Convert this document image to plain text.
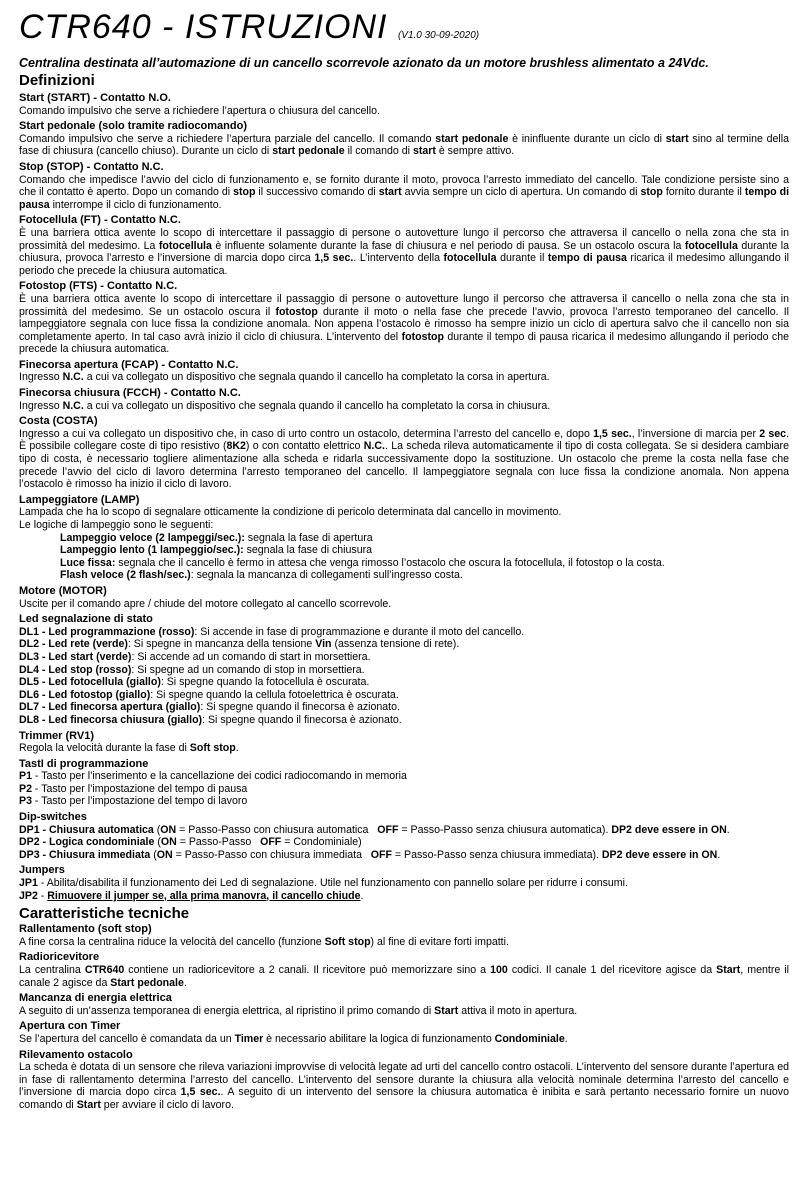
CTR640 - ISTRUZIONI (V1.0 30-09-2020)
Centralina destinata all’automazione di un cancello scorrevole azionato da un motore brushless alimentato a 24Vdc.
Definizioni
Start (START) - Contatto N.O.

Comando impulsivo che serve a richiedere l’apertura o chiusura del cancello.

Start pedonale (solo tramite radiocomando)

Comando impulsivo che serve a richiedere l’apertura parziale del cancello. Il comando start pedonale è ininfluente durante un ciclo di start sino al termine della fase di chiusura (cancello chiuso). Durante un ciclo di start pedonale il comando di start è sempre attivo.

Stop (STOP) - Contatto N.C.

Comando che impedisce l’avvio del ciclo di funzionamento e, se fornito durante il moto, provoca l’arresto immediato del cancello. Tale condizione persiste sino a che il contatto è aperto. Dopo un comando di stop il successivo comando di start avvia sempre un ciclo di apertura. Un comando di stop fornito durante il tempo di pausa interrompe il ciclo di funzionamento.

Fotocellula (FT) - Contatto N.C.

È una barriera ottica avente lo scopo di intercettare il passaggio di persone o autovetture lungo il percorso che attraversa il cancello o nella zona che sta in prossimità del medesimo. La fotocellula è influente solamente durante la fase di chiusura e nel periodo di pausa. Se un ostacolo oscura la fotocellula durante la chiusura, provoca l’arresto e l’inversione di marcia dopo circa 1,5 sec.. L’intervento della fotocellula durante il tempo di pausa ricarica il medesimo allungando il periodo che precede la chiusura automatica.

Fotostop (FTS) - Contatto N.C.

È una barriera ottica avente lo scopo di intercettare il passaggio di persone o autovetture lungo il percorso che attraversa il cancello o nella zona che sta in prossimità del medesimo. Se un ostacolo oscura il fotostop durante il moto o nella fase che precede l’avvio, provoca l’arresto temporaneo del cancello. Il lampeggiatore segnala con luce fissa la condizione anomala. Non appena l’ostacolo è rimosso ha sempre inizio un ciclo di apertura salvo che il cancello non sia completamente aperto. In tal caso avrà inizio il ciclo di chiusura. L’intervento del fotostop durante il tempo di pausa ricarica il medesimo allungando il periodo che precede la chiusura automatica.

Finecorsa apertura (FCAP) - Contatto N.C.

Ingresso N.C. a cui va collegato un dispositivo che segnala quando il cancello ha completato la corsa in apertura.

Finecorsa chiusura (FCCH) - Contatto N.C.

Ingresso N.C. a cui va collegato un dispositivo che segnala quando il cancello ha completato la corsa in chiusura.

Costa (COSTA)

Ingresso a cui va collegato un dispositivo che, in caso di urto contro un ostacolo, determina l’arresto del cancello e, dopo 1,5 sec., l’inversione di marcia per 2 sec. È possibile collegare coste di tipo resistivo (8K2) o con contatto elettrico N.C.. La scheda rileva automaticamente il tipo di costa collegata. Se si desidera cambiare tipo di costa, è necessario togliere alimentazione alla scheda e ridarla successivamente dopo la sostituzione. Un ostacolo che preme la costa nella fase che precede l’avvio del ciclo di lavoro determina l’arresto temporaneo del cancello. Il lampeggiatore segnala con luce fissa la condizione anomala. Non appena l’ostacolo è rimosso ha inizio il ciclo di lavoro.

Lampeggiatore (LAMP)

Lampada che ha lo scopo di segnalare otticamente la condizione di pericolo determinata dal cancello in movimento.

Le logiche di lampeggio sono le seguenti:

Lampeggio veloce (2 lampeggi/sec.): segnala la fase di apertura
Lampeggio lento (1 lampeggio/sec.): segnala la fase di chiusura
Luce fissa: segnala che il cancello è fermo in attesa che venga rimosso l’ostacolo che oscura la fotocellula, il fotostop o la costa.
Flash veloce (2 flash/sec.): segnala la mancanza di collegamenti sull’ingresso costa.
Motore (MOTOR)

Uscite per il comando apre / chiude del motore collegato al cancello scorrevole.

Led segnalazione di stato
DL1 - Led programmazione (rosso): Si accende in fase di programmazione e durante il moto del cancello.
DL2 - Led rete (verde): Si spegne in mancanza della tensione Vin (assenza tensione di rete).
DL3 - Led start (verde): Si accende ad un comando di start in morsettiera.
DL4 - Led stop (rosso): Si spegne ad un comando di stop in morsettiera.
DL5 - Led fotocellula (giallo): Si spegne quando la fotocellula è oscurata.
DL6 - Led fotostop (giallo): Si spegne quando la cellula fotoelettrica è oscurata.
DL7 - Led finecorsa apertura (giallo): Si spegne quando il finecorsa è azionato.
DL8 - Led finecorsa chiusura (giallo): Si spegne quando il finecorsa è azionato.
Trimmer (RV1)

Regola la velocità durante la fase di Soft stop.

TastI di programmazione
P1 - Tasto per l’inserimento e la cancellazione dei codici radiocomando in memoria
P2 - Tasto per l’impostazione del tempo di pausa
P3 - Tasto per l’impostazione del tempo di lavoro
Dip-switches
DP1 - Chiusura automatica (ON = Passo-Passo con chiusura automatica   OFF = Passo-Passo senza chiusura automatica). DP2 deve essere in ON.
DP2 - Logica condominiale (ON = Passo-Passo   OFF = Condominiale)
DP3 - Chiusura immediata (ON = Passo-Passo con chiusura immediata   OFF = Passo-Passo senza chiusura immediata). DP2 deve essere in ON.
Jumpers
JP1 - Abilita/disabilita il funzionamento dei Led di segnalazione. Utile nel funzionamento con pannello solare per ridurre i consumi.
JP2 - Rimuovere il jumper se, alla prima manovra, il cancello chiude.
Caratteristiche tecniche
Rallentamento (soft stop)

A fine corsa la centralina riduce la velocità del cancello (funzione Soft stop) al fine di evitare forti impatti.

Radioricevitore

La centralina CTR640 contiene un radioricevitore a 2 canali. Il ricevitore può memorizzare sino a 100 codici. Il canale 1 del ricevitore agisce da Start, mentre il canale 2 agisce da Start pedonale.

Mancanza di energia elettrica

A seguito di un’assenza temporanea di energia elettrica, al ripristino il primo comando di Start attiva il moto in apertura.

Apertura con Timer

Se l’apertura del cancello è comandata da un Timer è necessario abilitare la logica di funzionamento Condominiale.

Rilevamento ostacolo

La scheda è dotata di un sensore che rileva variazioni improvvise di velocità legate ad urti del cancello contro ostacoli. L’intervento del sensore durante l’apertura ed in fase di rallentamento determina l’arresto del cancello. L’intervento del sensore durante la chiusura alla velocità nominale determina l’arresto del cancello e l’inversione di marcia dopo circa 1,5 sec.. A seguito di un intervento del sensore la chiusura automatica è inibita e sarà pertanto necessario fornire un nuovo comando di Start per avviare il ciclo di lavoro.
